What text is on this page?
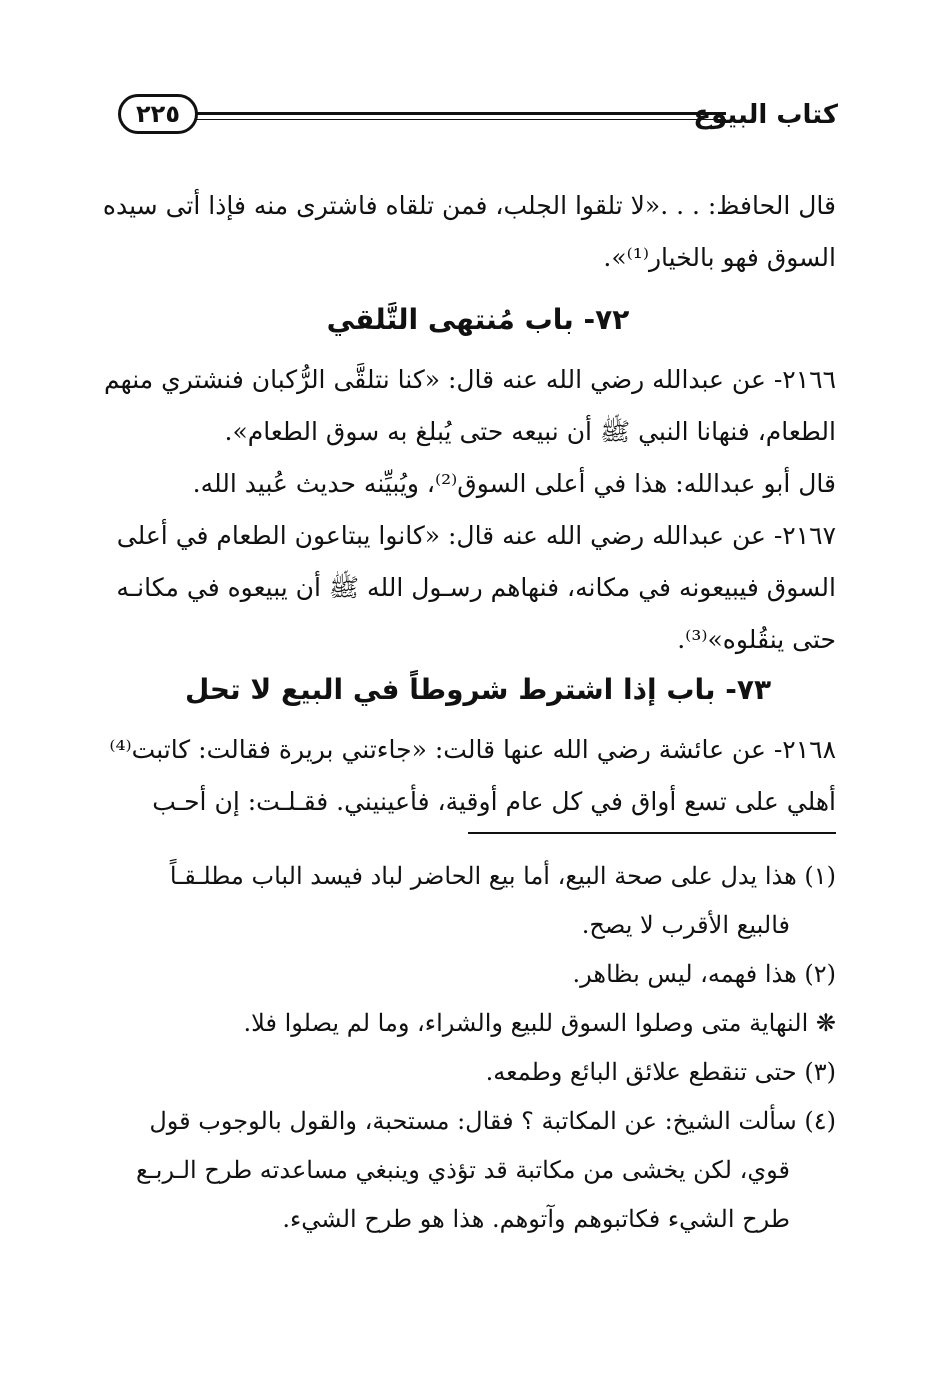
كتاب البيوع
٢٢٥
قال الحافظ: . . .«لا تلقوا الجلب، فمن تلقاه فاشترى منه فإذا أتى سيده
السوق فهو بالخيار⁽¹⁾».
٧٢- باب مُنتهى التَّلقي
٢١٦٦- عن عبدالله رضي الله عنه قال: «كنا نتلقَّى الرُّكبان فنشتري منهم
الطعام، فنهانا النبي ﷺ أن نبيعه حتى يُبلغ به سوق الطعام».
قال أبو عبدالله: هذا في أعلى السوق⁽²⁾، ويُبيِّنه حديث عُبيد الله.
٢١٦٧- عن عبدالله رضي الله عنه قال: «كانوا يبتاعون الطعام في أعلى
السوق فيبيعونه في مكانه، فنهاهم رسـول الله ﷺ أن يبيعوه في مكانـه
حتى ينقُلوه»⁽³⁾.
٧٣- باب إذا اشترط شروطاً في البيع لا تحل
٢١٦٨- عن عائشة رضي الله عنها قالت: «جاءتني بريرة فقالت: كاتبت⁽⁴⁾
أهلي على تسع أواق في كل عام أوقية، فأعينيني. فقـلـت: إن أحـب
(١) هذا يدل على صحة البيع، أما بيع الحاضر لباد فيسد الباب مطلـقـاً
فالبيع الأقرب لا يصح.
(٢) هذا فهمه، ليس بظاهر.
❋ النهاية متى وصلوا السوق للبيع والشراء، وما لم يصلوا فلا.
(٣) حتى تنقطع علائق البائع وطمعه.
(٤) سألت الشيخ: عن المكاتبة ؟ فقال: مستحبة، والقول بالوجوب قول
قوي، لكن يخشى من مكاتبة قد تؤذي وينبغي مساعدته طرح الـربـع
طرح الشيء فكاتبوهم وآتوهم. هذا هو طرح الشيء.
